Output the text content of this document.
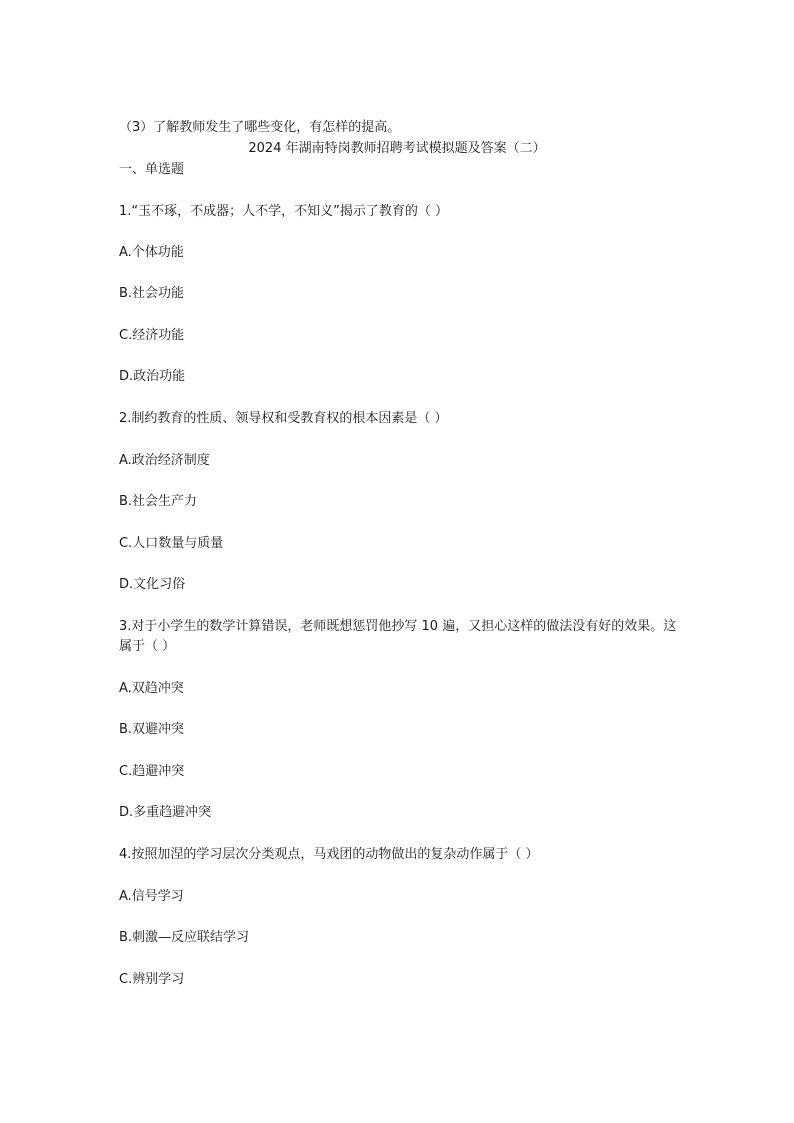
（3）了解教师发生了哪些变化，有怎样的提高。
2024 年湖南特岗教师招聘考试模拟题及答案（二）
一、单选题
1.“玉不琢，不成器；人不学，不知义”揭示了教育的（ ）
A.个体功能
B.社会功能
C.经济功能
D.政治功能
2.制约教育的性质、领导权和受教育权的根本因素是（ ）
A.政治经济制度
B.社会生产力
C.人口数量与质量
D.文化习俗
3.对于小学生的数学计算错误，老师既想惩罚他抄写 10 遍，又担心这样的做法没有好的效果。这属于（ ）
A.双趋冲突
B.双避冲突
C.趋避冲突
D.多重趋避冲突
4.按照加涅的学习层次分类观点，马戏团的动物做出的复杂动作属于（ ）
A.信号学习
B.刺激—反应联结学习
C.辨别学习
